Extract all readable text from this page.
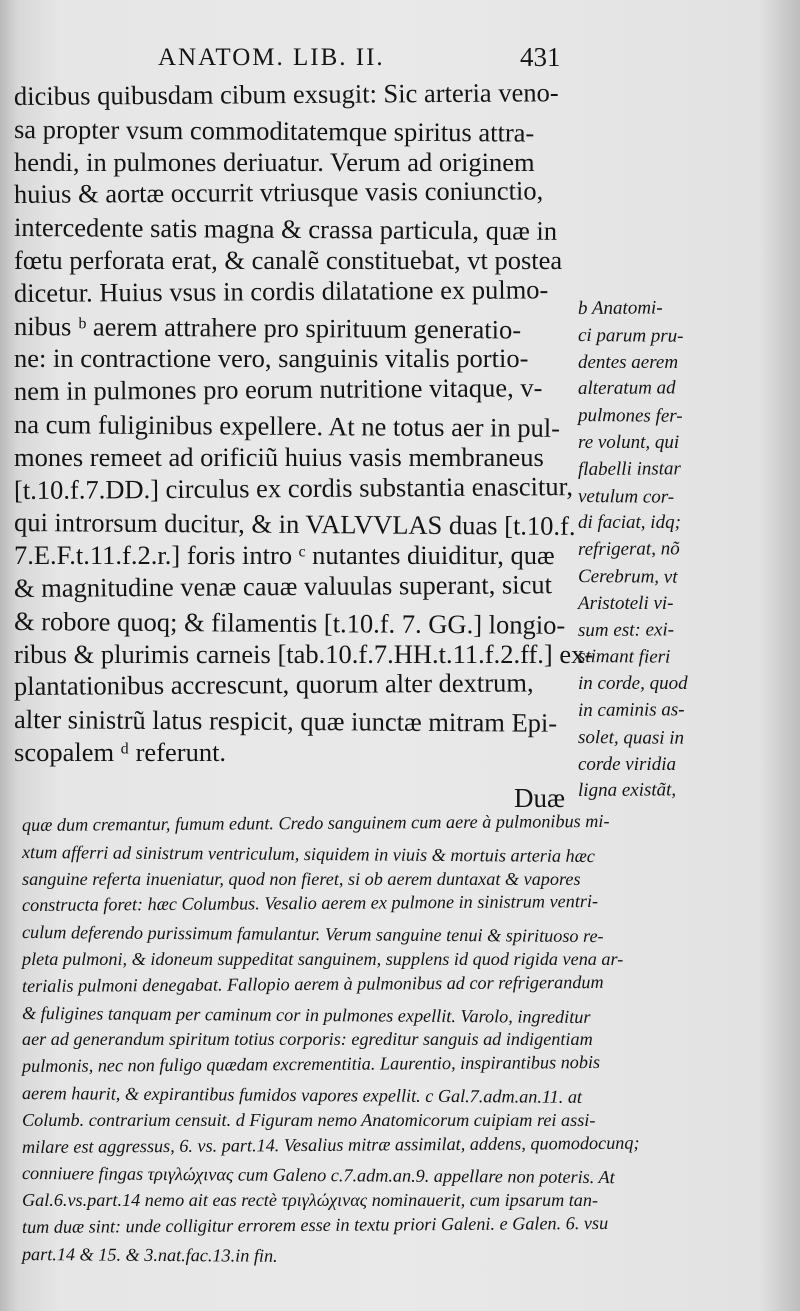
ANATOM. LIB. II.	431
dicibus quibusdam cibum exsugit: Sic arteria veno-
sa propter vsum commoditatemque spiritus attra-
hendi, in pulmones deriuatur. Verum ad originem
huius & aortæ occurrit vtriusque vasis coniunctio,
intercedente satis magna & crassa particula, quæ in
fœtu perforata erat, & canalẽ constituebat, vt postea
dicetur. Huius vsus in cordis dilatatione ex pulmo-
nibus ᵇ aerem attrahere pro spirituum generatio-
ne: in contractione vero, sanguinis vitalis portio-
nem in pulmones pro eorum nutritione vitaque, v-
na cum fuliginibus expellere. At ne totus aer in pul-
mones remeet ad orificiũ huius vasis membraneus
[t.10.f.7.DD.] circulus ex cordis substantia enascitur,
qui introrsum ducitur, & in VALVVLAS duas [t.10.f.
7.E.F.t.11.f.2.r.] foris intro ᶜ nutantes diuiditur, quæ
& magnitudine venæ cauæ valuulas superant, sicut
& robore quoq; & filamentis [t.10.f. 7. GG.] longio-
ribus & plurimis carneis [tab.10.f.7.HH.t.11.f.2.ff.] ex-
plantationibus accrescunt, quorum alter dextrum,
alter sinistrũ latus respicit, quæ iunctæ mitram Epi-
scopalem ᵈ referunt.
b Anatomi-
ci parum pru-
dentes aerem
alteratum ad
pulmones fer-
re volunt, qui
flabelli instar
vetulum cor-
di faciat, idq;
refrigerat, nõ
Cerebrum, vt
Aristoteli vi-
sum est: exi-
stimant fieri
in corde, quod
in caminis as-
solet, quasi in
corde viridia
ligna existãt,
Duæ
quæ dum cremantur, fumum edunt. Credo sanguinem cum aere à pulmonibus mi-
xtum afferri ad sinistrum ventriculum, siquidem in viuis & mortuis arteria hæc
sanguine referta inueniatur, quod non fieret, si ob aerem duntaxat & vapores
constructa foret: hæc Columbus. Vesalio aerem ex pulmone in sinistrum ventri-
culum deferendo purissimum famulantur. Verum sanguine tenui & spirituoso re-
pleta pulmoni, & idoneum suppeditat sanguinem, supplens id quod rigida vena ar-
terialis pulmoni denegabat. Fallopio aerem à pulmonibus ad cor refrigerandum
& fuligines tanquam per caminum cor in pulmones expellit. Varolo, ingreditur
aer ad generandum spiritum totius corporis: egreditur sanguis ad indigentiam
pulmonis, nec non fuligo quædam excrementitia. Laurentio, inspirantibus nobis
aerem haurit, & expirantibus fumidos vapores expellit. c Gal.7.adm.an.11. at
Columb. contrarium censuit. d Figuram nemo Anatomicorum cuipiam rei assi-
milare est aggressus, 6. vs. part.14. Vesalius mitræ assimilat, addens, quomodocunq;
conniuere fingas τριγλώχινας cum Galeno c.7.adm.an.9. appellare non poteris. At
Gal.6.vs.part.14 nemo ait eas rectè τριγλώχινας nominauerit, cum ipsarum tan-
tum duæ sint: unde colligitur errorem esse in textu priori Galeni. e Galen. 6. vsu
part.14 & 15. & 3.nat.fac.13.in fin.
